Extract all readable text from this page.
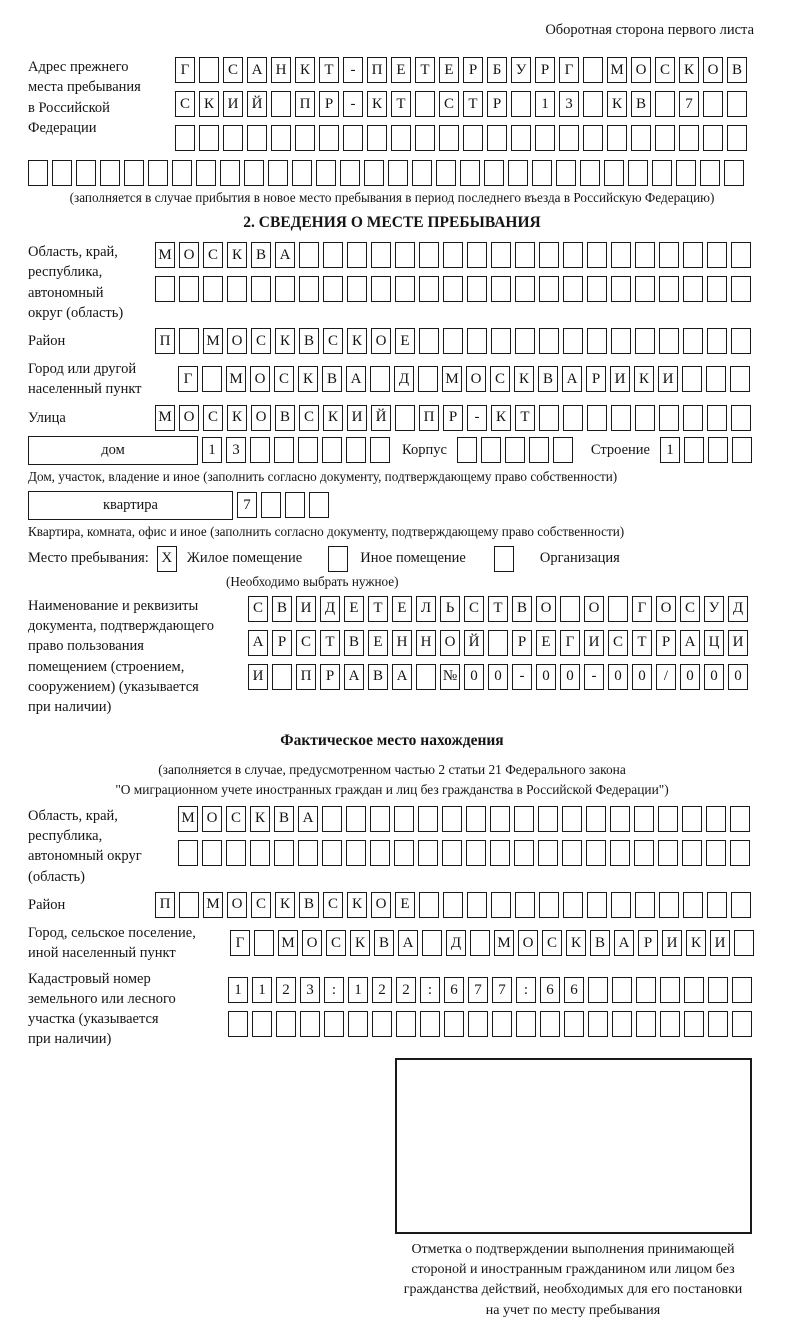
Оборотная сторона первого листа
Адрес прежнего
места пребывания
в Российской
Федерации
Г	С А Н К Т	-	П Е Т Е	Р	Б У Р	Г	М О С К О В
С К И Й	П Р	-	К Т	С Т	Р	1	3	К В	7
(заполняется в случае прибытия в новое место пребывания в период последнего въезда в Российскую Федерацию)
2. СВЕДЕНИЯ О МЕСТЕ ПРЕБЫВАНИЯ
Область, край,
республика,
автономный
округ (область)
М О С К В А
Район	П	М О С К В С К О Е
Город или другой
населенный пункт
Г	М О С К В А	Д	М О С К В А Р И К И
Улица	М О С К О В С К И Й	П Р	-	К Т
дом	1	3	Корпус	Строение	1
Дом, участок, владение и иное (заполнить согласно документу, подтверждающему право собственности)
квартира	7
Квартира, комната, офис и иное (заполнить согласно документу, подтверждающему право собственности)
Место пребывания: X	Жилое помещение	Иное помещение	Организация
(Необходимо выбрать нужное)
Наименование и реквизиты
документа, подтверждающего
право пользования
помещением (строением,
сооружением) (указывается
при наличии)
С В И Д Е Т Е Л Ь С Т В О	О	Г О С У Д
А Р С Т В Е Н Н О Й	Р	Е	Г И С Т	Р А Ц И
И	П Р А В А	№ 0	0	-	0	0	-	0	0	/	0	0	0
Фактическое место нахождения
(заполняется в случае, предусмотренном частью 2 статьи 21 Федерального закона
"О миграционном учете иностранных граждан и лиц без гражданства в Российской Федерации")
Область, край,
республика,
автономный округ
(область)
М О С К В А
Район	П	М О С К В С К О Е
Город, сельское поселение,
иной населенный пункт
Г	М О С К В А	Д	М О С К В А Р И К И
Кадастровый номер
земельного или лесного
участка (указывается
при наличии)
1	1	2	3	:	1	2	2	:	6	7	7	:	6	6
Отметка о подтверждении выполнения принимающей
стороной и иностранным гражданином или лицом без
гражданства действий, необходимых для его постановки
на учет по месту пребывания
